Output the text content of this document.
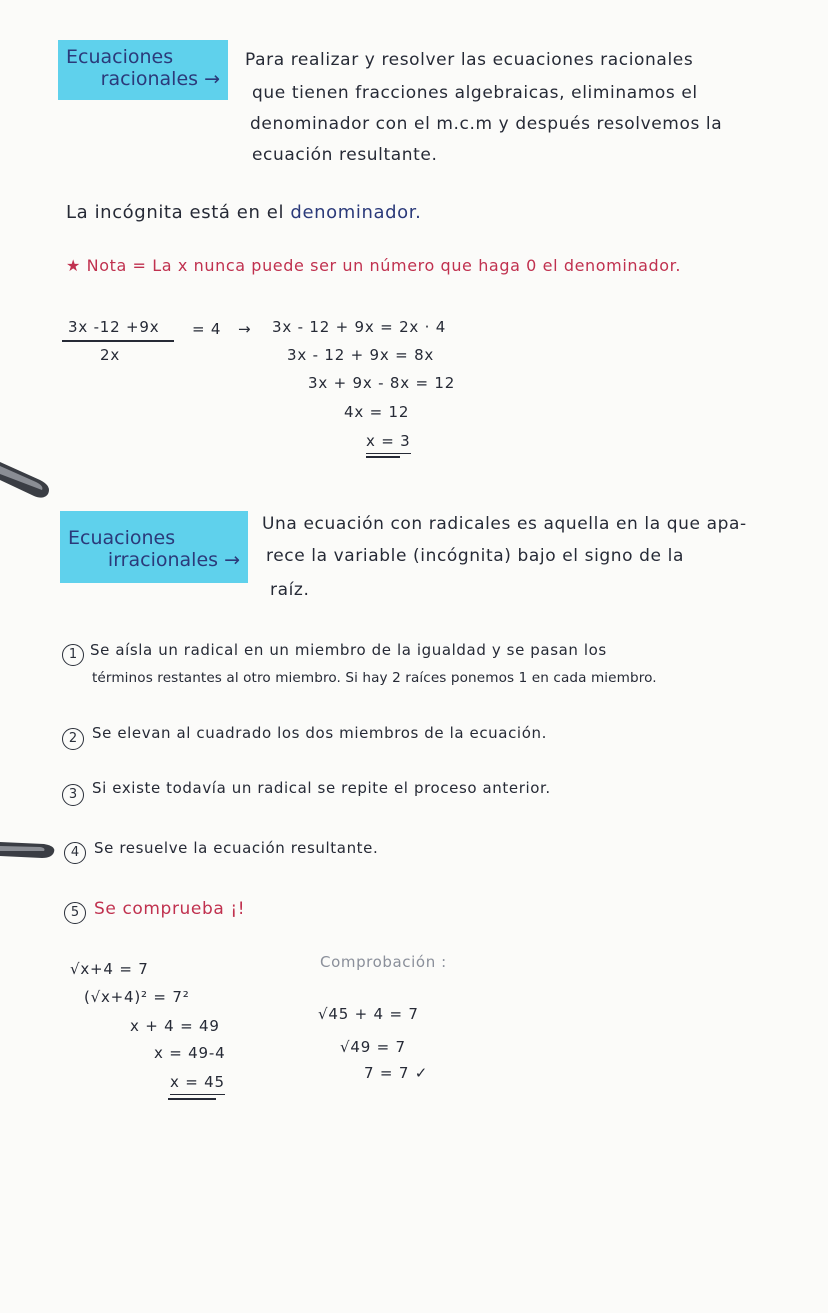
Ecuaciones
racionales →
Para realizar y resolver las ecuaciones racionales
que tienen fracciones algebraicas, eliminamos el
denominador con el m.c.m y después resolvemos la
ecuación resultante.
La incógnita está en el denominador.
★ Nota = La x nunca puede ser un número que haga 0 el denominador.
3x -12 +9x
2x
= 4 → 3x - 12 + 9x = 2x · 4
3x - 12 + 9x = 8x
3x + 9x - 8x = 12
4x = 12
x = 3
Ecuaciones
irracionales →
Una ecuación con radicales es aquella en la que apa-
rece la variable (incógnita) bajo el signo de la
raíz.
1 Se aísla un radical en un miembro de la igualdad y se pasan los
términos restantes al otro miembro. Si hay 2 raíces ponemos 1 en cada miembro.
2 Se elevan al cuadrado los dos miembros de la ecuación.
3 Si existe todavía un radical se repite el proceso anterior.
4 Se resuelve la ecuación resultante.
5 Se comprueba ¡!
√x+4 = 7
(√x+4)² = 7²
x + 4 = 49
x = 49-4
x = 45
Comprobación :
√45 + 4 = 7
√49 = 7
7 = 7 ✓
